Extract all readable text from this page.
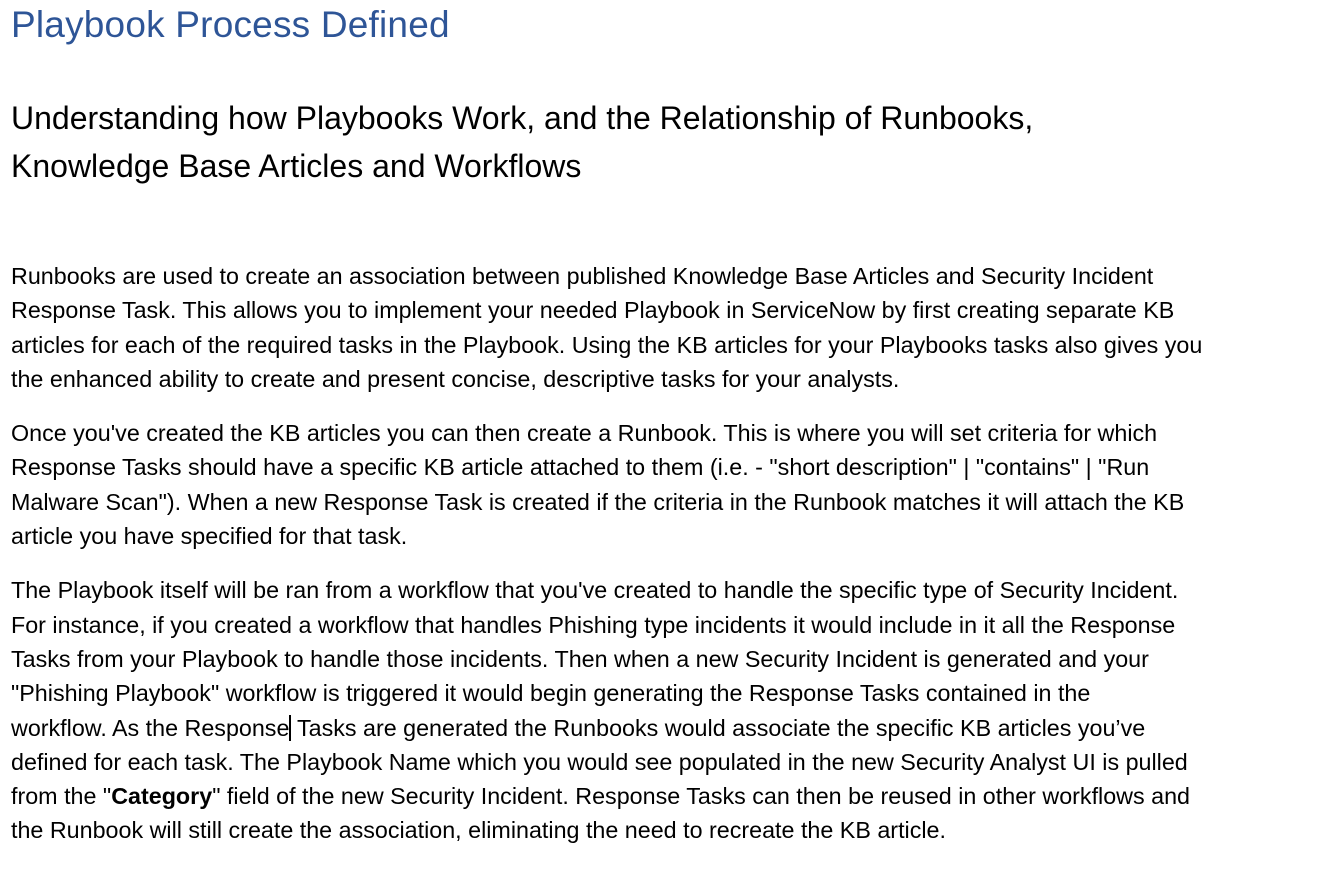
Playbook Process Defined
Understanding how Playbooks Work, and the Relationship of Runbooks,
Knowledge Base Articles and Workflows

Runbooks are used to create an association between published Knowledge Base Articles and Security Incident
Response Task. This allows you to implement your needed Playbook in ServiceNow by first creating separate KB
articles for each of the required tasks in the Playbook. Using the KB articles for your Playbooks tasks also gives you
the enhanced ability to create and present concise, descriptive tasks for your analysts.

Once you've created the KB articles you can then create a Runbook. This is where you will set criteria for which
Response Tasks should have a specific KB article attached to them (i.e. - "short description" | "contains" | "Run
Malware Scan"). When a new Response Task is created if the criteria in the Runbook matches it will attach the KB
article you have specified for that task.

The Playbook itself will be ran from a workflow that you've created to handle the specific type of Security Incident.
For instance, if you created a workflow that handles Phishing type incidents it would include in it all the Response
Tasks from your Playbook to handle those incidents. Then when a new Security Incident is generated and your
"Phishing Playbook" workflow is triggered it would begin generating the Response Tasks contained in the
workflow. As the Response Tasks are generated the Runbooks would associate the specific KB articles you’ve
defined for each task. The Playbook Name which you would see populated in the new Security Analyst UI is pulled
from the "Category" field of the new Security Incident. Response Tasks can then be reused in other workflows and
the Runbook will still create the association, eliminating the need to recreate the KB article.
